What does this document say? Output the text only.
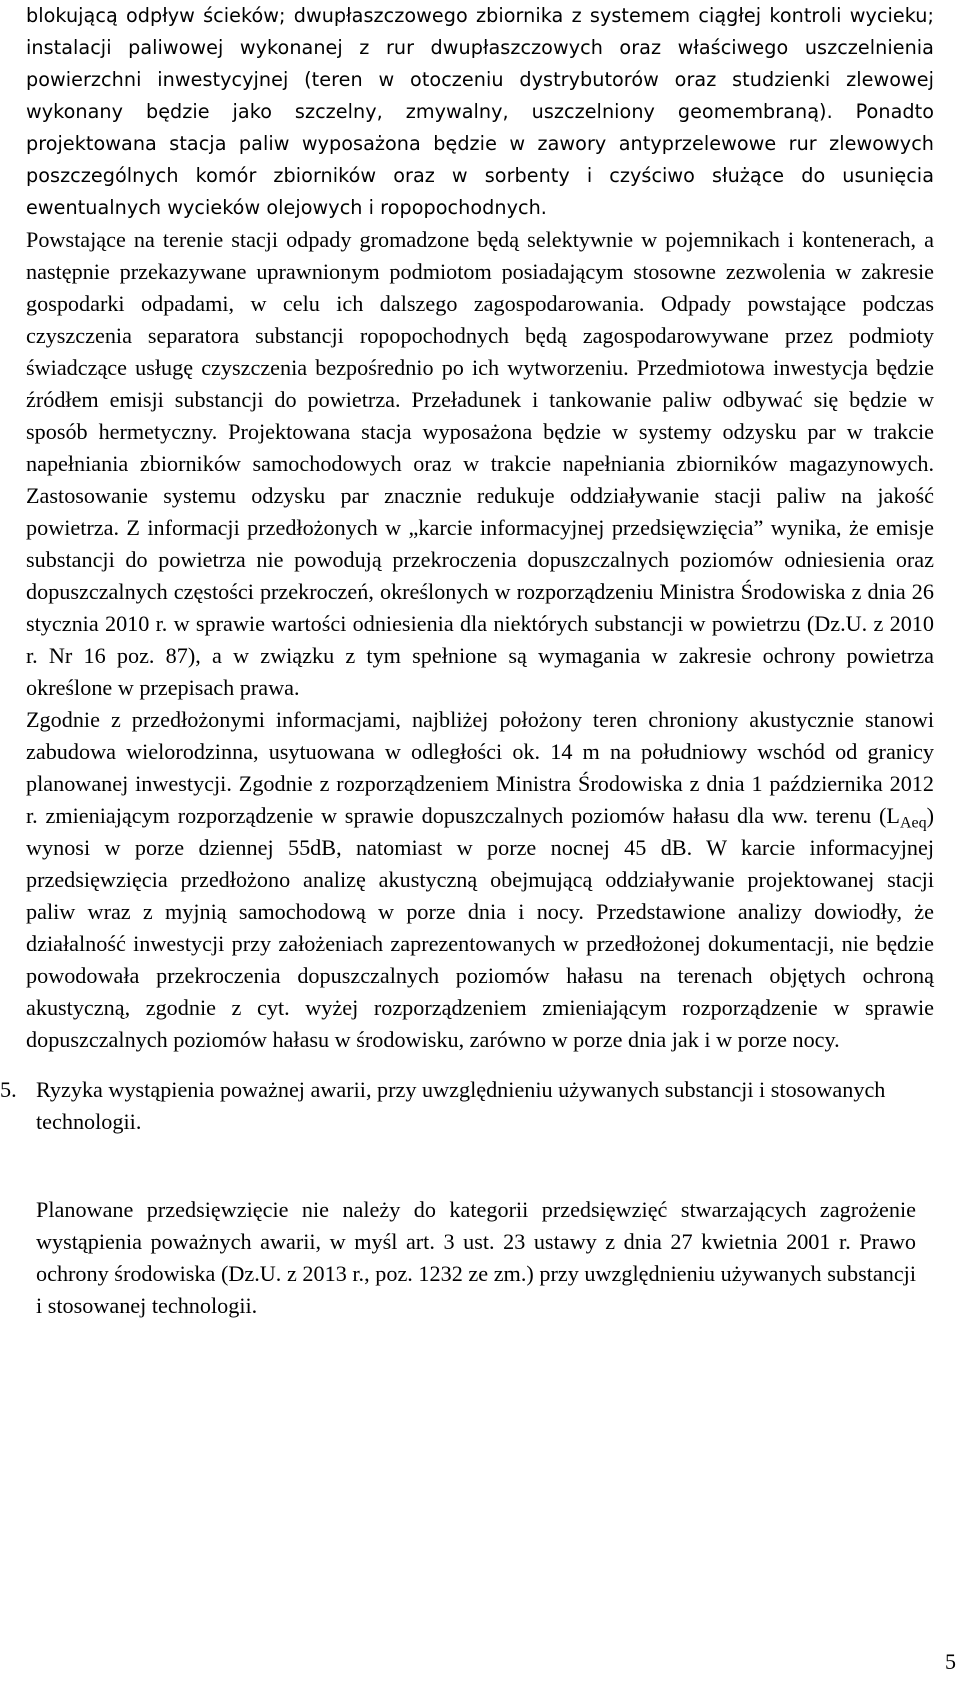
blokującą odpływ ścieków; dwupłaszczowego zbiornika z systemem ciągłej kontroli wycieku; instalacji paliwowej wykonanej z rur dwupłaszczowych oraz właściwego uszczelnienia powierzchni inwestycyjnej (teren w otoczeniu dystrybutorów oraz studzienki zlewowej wykonany będzie jako szczelny, zmywalny, uszczelniony geomembraną). Ponadto projektowana stacja paliw wyposażona będzie w zawory antyprzelewowe rur zlewowych poszczególnych komór zbiorników oraz w sorbenty i czyściwo służące do usunięcia ewentualnych wycieków olejowych i ropopochodnych.

Powstające na terenie stacji odpady gromadzone będą selektywnie w pojemnikach i kontenerach, a następnie przekazywane uprawnionym podmiotom posiadającym stosowne zezwolenia w zakresie gospodarki odpadami, w celu ich dalszego zagospodarowania. Odpady powstające podczas czyszczenia separatora substancji ropopochodnych będą zagospodarowywane przez podmioty świadczące usługę czyszczenia bezpośrednio po ich wytworzeniu. Przedmiotowa inwestycja będzie źródłem emisji substancji do powietrza. Przeładunek i tankowanie paliw odbywać się będzie w sposób hermetyczny. Projektowana stacja wyposażona będzie w systemy odzysku par w trakcie napełniania zbiorników samochodowych oraz w trakcie napełniania zbiorników magazynowych. Zastosowanie systemu odzysku par znacznie redukuje oddziaływanie stacji paliw na jakość powietrza. Z informacji przedłożonych w „karcie informacyjnej przedsięwzięcia” wynika, że emisje substancji do powietrza nie powodują przekroczenia dopuszczalnych poziomów odniesienia oraz dopuszczalnych częstości przekroczeń, określonych w rozporządzeniu Ministra Środowiska z dnia 26 stycznia 2010 r. w sprawie wartości odniesienia dla niektórych substancji w powietrzu (Dz.U. z 2010 r. Nr 16 poz. 87), a w związku z tym spełnione są wymagania w zakresie ochrony powietrza określone w przepisach prawa.

Zgodnie z przedłożonymi informacjami, najbliżej położony teren chroniony akustycznie stanowi zabudowa wielorodzinna, usytuowana w odległości ok. 14 m na południowy wschód od granicy planowanej inwestycji. Zgodnie z rozporządzeniem Ministra Środowiska z dnia 1 października 2012 r. zmieniającym rozporządzenie w sprawie dopuszczalnych poziomów hałasu dla ww. terenu $(L_{Aeq})$ wynosi w porze dziennej 55dB, natomiast w porze nocnej 45 dB. W karcie informacyjnej przedsięwzięcia przedłożono analizę akustyczną obejmującą oddziaływanie projektowanej stacji paliw wraz z myjnią samochodową w porze dnia i nocy. Przedstawione analizy dowiodły, że działalność inwestycji przy założeniach zaprezentowanych w przedłożonej dokumentacji, nie będzie powodowała przekroczenia dopuszczalnych poziomów hałasu na terenach objętych ochroną akustyczną, zgodnie z cyt. wyżej rozporządzeniem zmieniającym rozporządzenie w sprawie dopuszczalnych poziomów hałasu w środowisku, zarówno w porze dnia jak i w porze nocy.

5. Ryzyka wystąpienia poważnej awarii, przy uwzględnieniu używanych substancji i stosowanych technologii.

Planowane przedsięwzięcie nie należy do kategorii przedsięwzięć stwarzających zagrożenie wystąpienia poważnych awarii, w myśl art. 3 ust. 23 ustawy z dnia 27 kwietnia 2001 r. Prawo ochrony środowiska (Dz.U. z 2013 r., poz. 1232 ze zm.) przy uwzględnieniu używanych substancji i stosowanej technologii.

5
